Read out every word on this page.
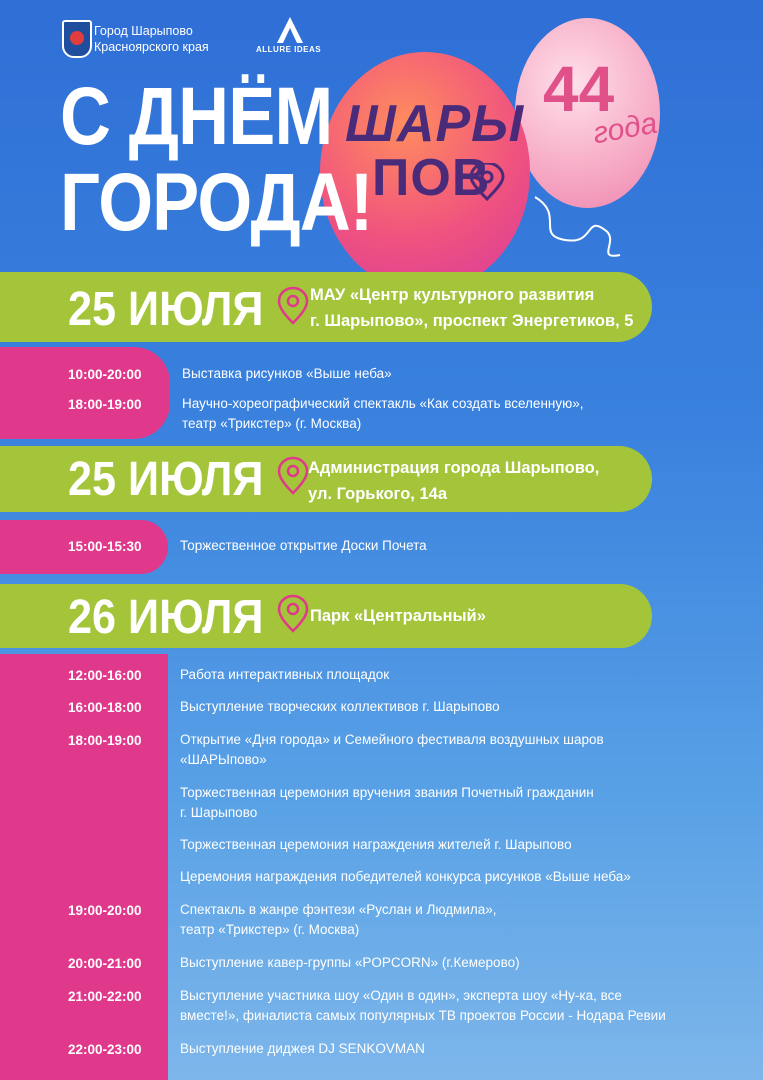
Город Шарыпово
Красноярского края	ALLURE IDEAS
С ДНЁМ
ГОРОДА!
ШАРЫ
ПОВ
44
года
25 ИЮЛЯ	МАУ «Центр культурного развития
г. Шарыпово», проспект Энергетиков, 5
10:00-20:00	Выставка рисунков «Выше неба»
18:00-19:00	Научно-хореографический спектакль «Как создать вселенную»,
театр «Трикстер» (г. Москва)
25 ИЮЛЯ	Администрация города Шарыпово,
ул. Горького, 14а
15:00-15:30	Торжественное открытие Доски Почета
26 ИЮЛЯ	Парк «Центральный»
12:00-16:00	Работа интерактивных площадок
16:00-18:00	Выступление творческих коллективов г. Шарыпово
18:00-19:00	Открытие «Дня города» и Семейного фестиваля воздушных шаров
«ШАРЫпово»
Торжественная церемония вручения звания Почетный гражданин
г. Шарыпово
Торжественная церемония награждения жителей г. Шарыпово
Церемония награждения победителей конкурса рисунков «Выше неба»
19:00-20:00	Спектакль в жанре фэнтези «Руслан и Людмила»,
театр «Трикстер» (г. Москва)
20:00-21:00	Выступление кавер-группы «POPCORN» (г.Кемерово)
21:00-22:00	Выступление участника шоу «Один в один», эксперта шоу «Ну-ка, все
вместе!», финалиста самых популярных ТВ проектов России - Нодара Ревии
22:00-23:00	Выступление диджея DJ SENKOVMAN
